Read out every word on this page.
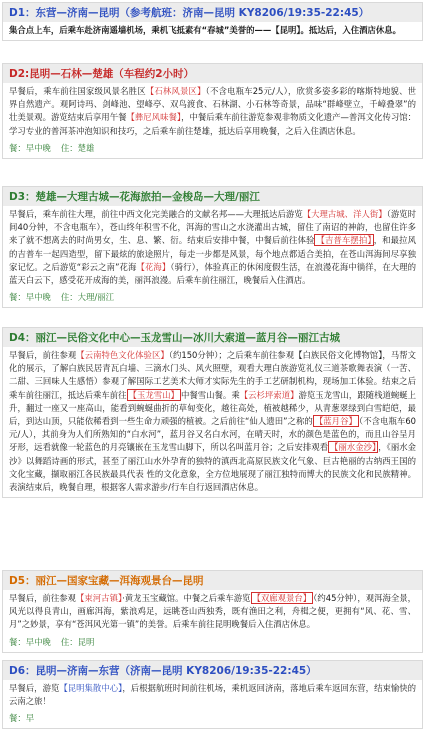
D1：东营—济南—昆明（参考航班：济南—昆明 KY8206/19:35-22:45）
集合点上车，后乘车赴济南遥墙机场，乘机飞抵素有“春城”美誉的——【昆明】。抵达后，入住酒店休息。
D2:昆明—石林—楚雄（车程约2小时）
早餐后，乘车前往国家级风景名胜区【石林风景区】（不含电瓶车25元/人），欣赏多姿多彩的喀斯特地貌、世界自然遗产。观阿诗玛、剑峰池、望峰亭、双鸟渡食、石林湖、小石林等奇景，品味“群峰壁立，千嶂叠翠”的壮美景观。游览结束后享用午餐【彝尼风味餐】，中餐后乘车前往游览参观非物质文化遗产—普洱文化传习馆：学习专业的普洱茶冲泡知识和技巧，之后乘车前往楚雄，抵达后享用晚餐，之后入住酒店休息。
餐：早中晚 住：楚雄
D3：楚雄—大理古城—花海旅拍—金梭岛—大理/丽江
早餐后，乘车前往大理，前往中西文化完美融合的文献名邦——大理抵达后游览【大理古城、洋人街】（游览时间40分钟，不含电瓶车），苍山终年积雪不化，洱海的雪山之水浇灌出古城，留住了南诏的神韵，也留住许多来了就不想离去的时尚男女，生、息、繁、衍。结束后安排中餐，中餐后前往体验 【吉普车摆拍】 ，和最拉风的吉普车一起四造型，留下最炫的旅途照片，每走一步都是风景，每个地点都适合美拍，在苍山洱海间尽享独家记忆。之后游览“彩云之南”花海【花海】（骑行），体验真正的休闲度假生活，在浪漫花海中徜徉，在大理的蓝天白云下，感受花开成海的美，丽洱浪漫。后乘车前往丽江，晚餐后入住酒店。
餐：早中晚 住：大理/丽江
D4：丽江—民俗文化中心—玉龙雪山—冰川大索道—蓝月谷—丽江古城
早餐后，前往参观【云南特色文化体验区】（约150分钟）；之后乘车前往参观【白族民俗文化博物馆】，马帮文化的展示，了解白族民居青瓦白墙、三滴水门头、风火照壁，观看大理白族游览礼仪三道茶歌舞表演（一苦、二甜、三回味人生感悟）参观了解国际工艺美术大师才实际先生的手工艺研制机构，现场加工体验。结束之后乘车前往丽江，抵达后乘车前往 【玉龙雪山】 中餐雪山餐。乘【云杉坪索道】游览玉龙雪山，跟随栈道蜿蜒上升，翻过一座又一座高山，能看到蜿蜒曲折的草甸变化，越往高处，植被越稀少，从青葱翠绿到白雪皑皑，最后，到达山顶，只能依稀看到一些生命力顽强的植被。之后前往“仙人遗田”之称的 【蓝月谷】 （不含电瓶车60元/人），其前身为人们所熟知的“白水河”，蓝月谷又名白水河，在晴天时，水的颜色是蓝色的，而且山谷呈月牙形，远看就像一轮蓝色的月亮镶嵌在玉龙雪山脚下，所以名叫蓝月谷；之后安排观看 【丽水金沙】 ，《丽水金沙》以舞蹈诗画的形式，甚至了丽江山水外孕育的独特的滇西北高原民族文化气象、巨古艳丽的古纳西王国的文化宝藏，撷取丽江各民族最具代表 性的文化意象，全方位地展现了丽江独特而博大的民族文化和民族精神。表演结束后，晚餐自理，根据客人需求游步/行车自行返回酒店休息。
D5：丽江—国家宝藏—洱海观景台—昆明
早餐后，前往参观【束河古镇】·黄龙玉宝藏馆。中餐之后乘车游览 【双廊观景台】 （约45分钟），观洱海全景，风光以得良青山，画廊洱海，紫浪鸡足，远眺苍山西独秀，既有渔田之利，舟楫之便，更拥有“风、花、雪、月”之妙景，享有“苍洱风光第一镇”的美誉。后乘车前往昆明晚餐后入住酒店休息。
餐：早中晚 住：昆明
D6：昆明—济南—东营（济南—昆明 KY8206/19:35-22:45）
早餐后，游览【昆明集散中心】，后根据航班时间前往机场，乘机返回济南，落地后乘车返回东营，结束愉快的云南之旅！
餐：早
